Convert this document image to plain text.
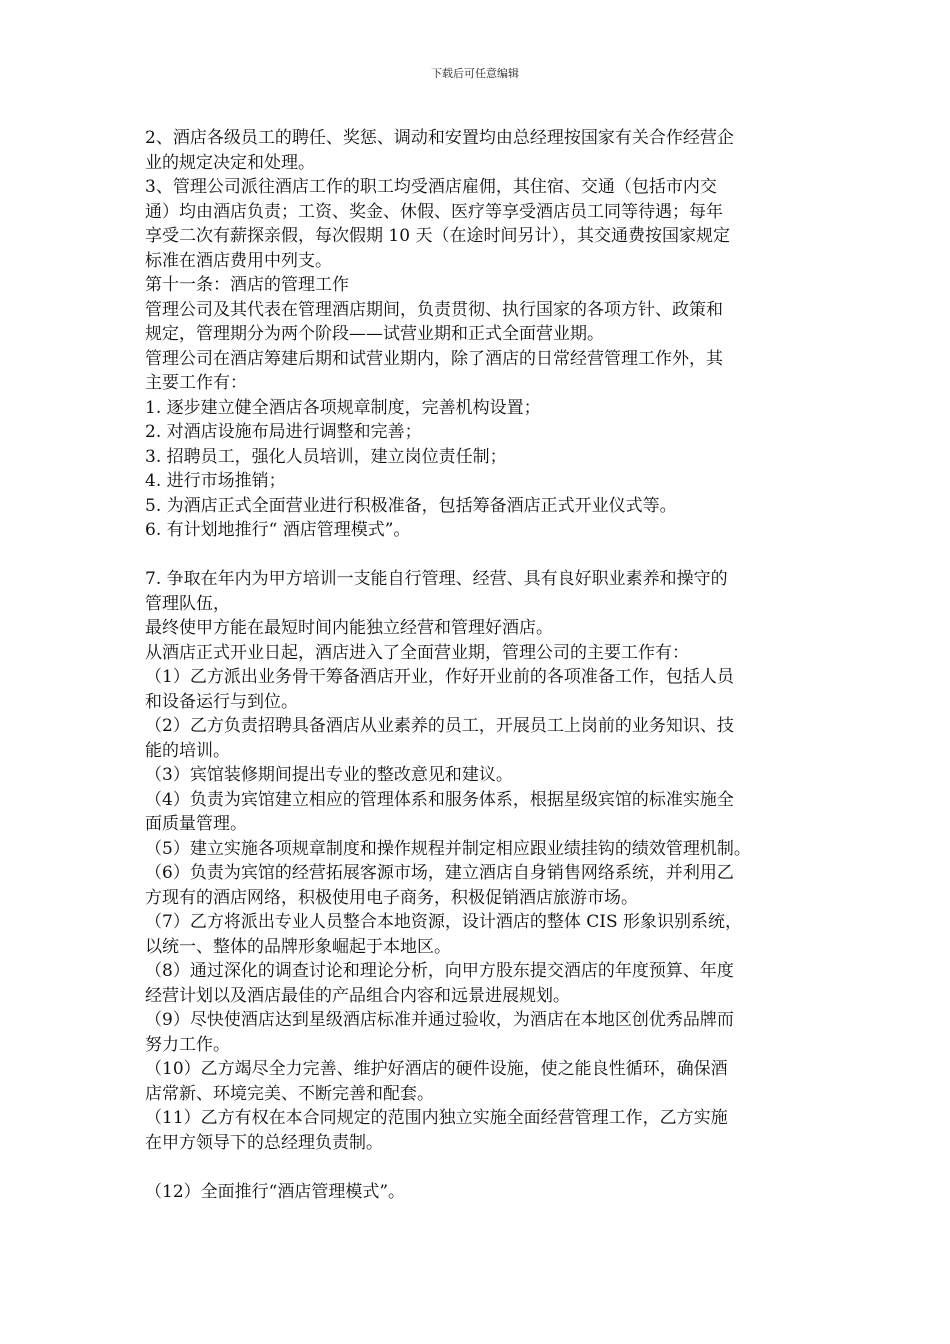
下载后可任意编辑
2、酒店各级员工的聘任、奖惩、调动和安置均由总经理按国家有关合作经营企
业的规定决定和处理。
3、管理公司派往酒店工作的职工均受酒店雇佣，其住宿、交通（包括市内交
通）均由酒店负责；工资、奖金、休假、医疗等享受酒店员工同等待遇；每年
享受二次有薪探亲假，每次假期 10 天（在途时间另计），其交通费按国家规定
标准在酒店费用中列支。
第十一条：酒店的管理工作
管理公司及其代表在管理酒店期间，负责贯彻、执行国家的各项方针、政策和
规定，管理期分为两个阶段——试营业期和正式全面营业期。
管理公司在酒店筹建后期和试营业期内，除了酒店的日常经营管理工作外，其
主要工作有：
1. 逐步建立健全酒店各项规章制度，完善机构设置；
2. 对酒店设施布局进行调整和完善；
3. 招聘员工，强化人员培训，建立岗位责任制；
4. 进行市场推销；
5. 为酒店正式全面营业进行积极准备，包括筹备酒店正式开业仪式等。
6. 有计划地推行“ 酒店管理模式”。
7. 争取在年内为甲方培训一支能自行管理、经营、具有良好职业素养和操守的
管理队伍，
最终使甲方能在最短时间内能独立经营和管理好酒店。
从酒店正式开业日起，酒店进入了全面营业期，管理公司的主要工作有：
（1）乙方派出业务骨干筹备酒店开业，作好开业前的各项准备工作，包括人员
和设备运行与到位。
（2）乙方负责招聘具备酒店从业素养的员工，开展员工上岗前的业务知识、技
能的培训。
（3）宾馆装修期间提出专业的整改意见和建议。
（4）负责为宾馆建立相应的管理体系和服务体系，根据星级宾馆的标准实施全
面质量管理。
（5）建立实施各项规章制度和操作规程并制定相应跟业绩挂钩的绩效管理机制。
（6）负责为宾馆的经营拓展客源市场，建立酒店自身销售网络系统，并利用乙
方现有的酒店网络，积极使用电子商务，积极促销酒店旅游市场。
（7）乙方将派出专业人员整合本地资源，设计酒店的整体 CIS 形象识别系统，
以统一、整体的品牌形象崛起于本地区。
（8）通过深化的调查讨论和理论分析，向甲方股东提交酒店的年度预算、年度
经营计划以及酒店最佳的产品组合内容和远景进展规划。
（9）尽快使酒店达到星级酒店标准并通过验收，为酒店在本地区创优秀品牌而
努力工作。
（10）乙方竭尽全力完善、维护好酒店的硬件设施，使之能良性循环，确保酒
店常新、环境完美、不断完善和配套。
（11）乙方有权在本合同规定的范围内独立实施全面经营管理工作，乙方实施
在甲方领导下的总经理负责制。
（12）全面推行“酒店管理模式”。
